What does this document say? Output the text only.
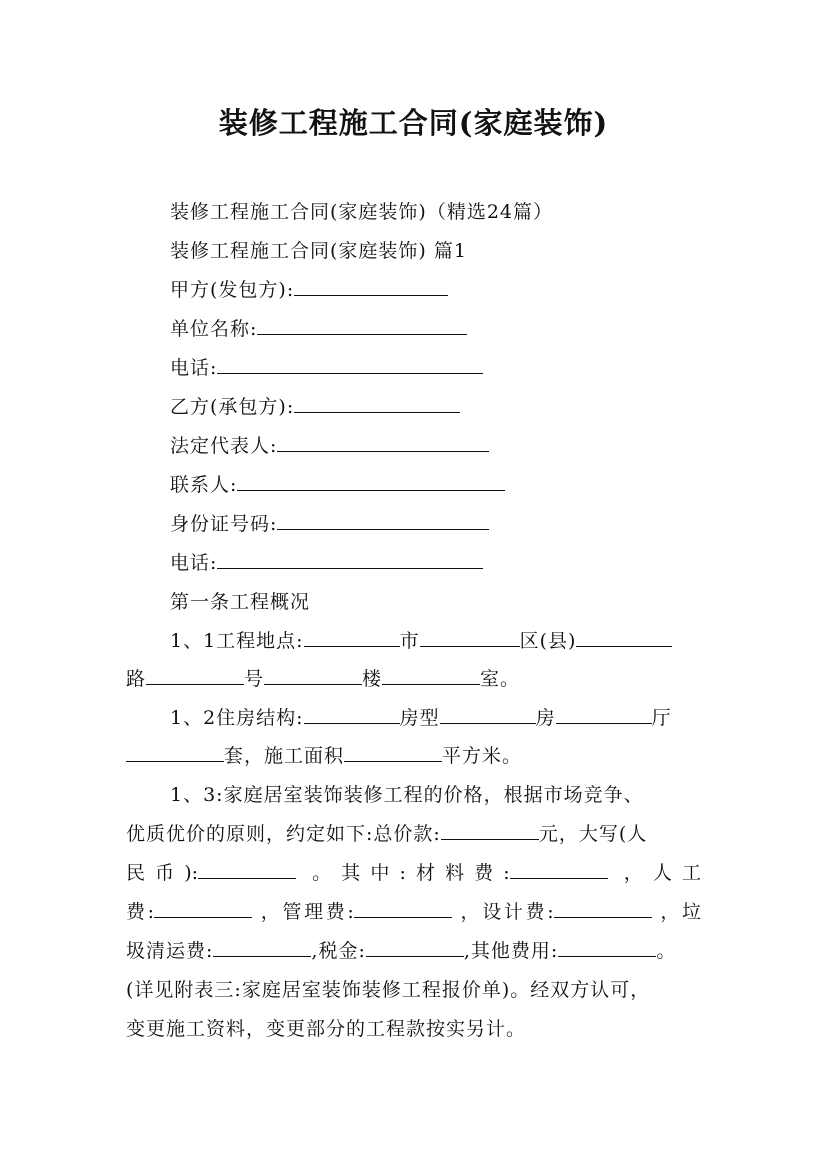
装修工程施工合同(家庭装饰)
装修工程施工合同(家庭装饰)（精选24篇）
装修工程施工合同(家庭装饰) 篇1
甲方(发包方):
单位名称:
电话:
乙方(承包方):
法定代表人:
联系人:
身份证号码:
电话:
第一条工程概况
1、1工程地点:	市	区(县)
路	号	楼	室。
1、2住房结构:	房型	房	厅
套，施工面积	平方米。
1、3:家庭居室装饰装修工程的价格，根据市场竞争、
优质优价的原则，约定如下:总价款:	元，大写(人
民币):	。其中:材料费:	，人工
费:	，管理费:	，设计费:	，垃
圾清运费:	,税金:	,其他费用:	。
(详见附表三:家庭居室装饰装修工程报价单)。经双方认可，
变更施工资料，变更部分的工程款按实另计。
